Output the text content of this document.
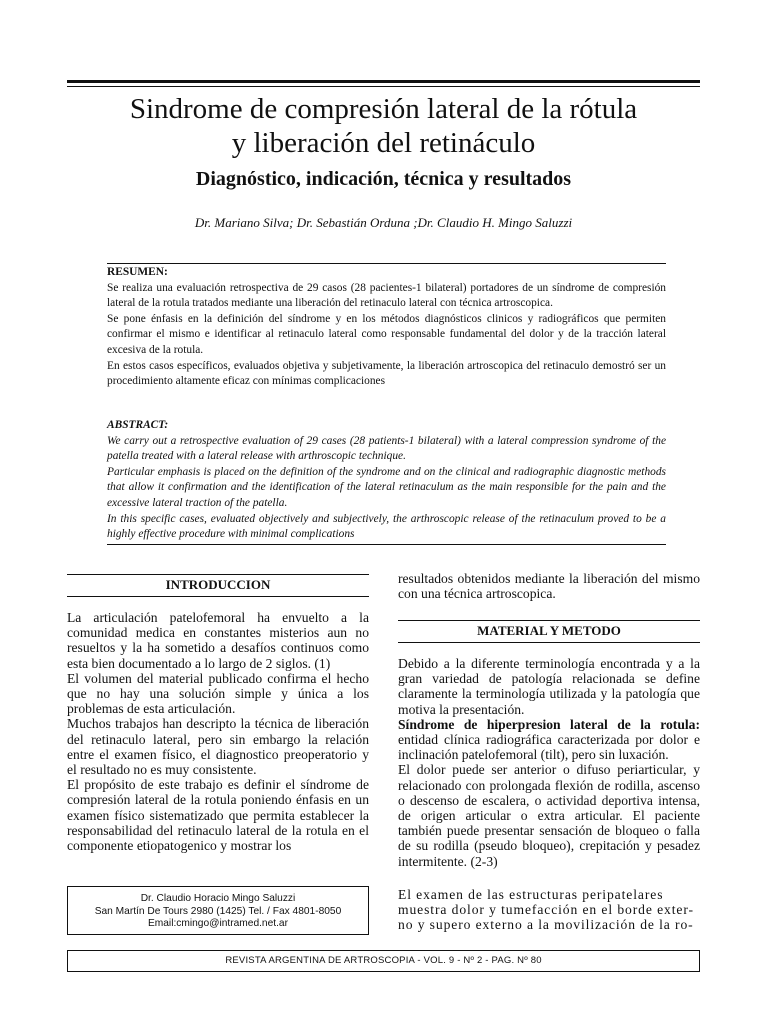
Sindrome de compresión lateral de la rótula
y liberación del retináculo
Diagnóstico, indicación, técnica y resultados
Dr. Mariano Silva; Dr. Sebastián Orduna ;Dr. Claudio H. Mingo Saluzzi

RESUMEN:

Se realiza una evaluación retrospectiva de 29 casos (28 pacientes-1 bilateral) portadores de un síndrome de compresión lateral de la rotula tratados mediante una liberación del retinaculo lateral con técnica artroscopica.

Se pone énfasis en la definición del síndrome y en los métodos diagnósticos clinicos y radiográficos que permiten confirmar el mismo e identificar al retinaculo lateral como responsable fundamental del dolor y de la tracción lateral excesiva de la rotula.

En estos casos específicos, evaluados objetiva y subjetivamente, la liberación artroscopica del retinaculo demostró ser un procedimiento altamente eficaz con mínimas complicaciones

ABSTRACT:

We carry out a retrospective evaluation of 29 cases (28 patients-1 bilateral) with a lateral compression syndrome of the patella treated with a lateral release with arthroscopic technique.

Particular emphasis is placed on the definition of the syndrome and on the clinical and radiographic diagnostic methods that allow it confirmation and the identification of the lateral retinaculum as the main responsible for the pain and the excessive lateral traction of the patella.

In this specific cases, evaluated objectively and subjectively, the arthroscopic release of the retinaculum proved to be a highly effective procedure with minimal complications

INTRODUCCION

La articulación patelofemoral ha envuelto a la comunidad medica en constantes misterios aun no resueltos y la ha sometido a desafíos continuos como esta bien documentado a lo largo de 2 siglos. (1)

El volumen del material publicado confirma el hecho que no hay una solución simple y única a los problemas de esta articulación.

Muchos trabajos han descripto la técnica de liberación del retinaculo lateral, pero sin embargo la relación entre el examen físico, el diagnostico preoperatorio y el resultado no es muy consistente.

El propósito de este trabajo es definir el síndrome de compresión lateral de la rotula poniendo énfasis en un examen físico sistematizado que permita establecer la responsabilidad del retinaculo lateral de la rotula en el componente etiopatogenico y mostrar los

Dr. Claudio Horacio Mingo Saluzzi
San Martín De Tours 2980 (1425) Tel. / Fax 4801-8050
Email:cmingo@intramed.net.ar

resultados obtenidos mediante la liberación del mismo con una técnica artroscopica.

MATERIAL Y METODO

Debido a la diferente terminología encontrada y a la gran variedad de patología relacionada se define claramente la terminología utilizada y la patología que motiva la presentación.

Síndrome de hiperpresion lateral de la rotula: entidad clínica radiográfica caracterizada por dolor e inclinación patelofemoral (tilt), pero sin luxación.

El dolor puede ser anterior o difuso periarticular, y relacionado con prolongada flexión de rodilla, ascenso o descenso de escalera, o actividad deportiva intensa, de origen articular o extra articular. El paciente también puede presentar sensación de bloqueo o falla de su rodilla (pseudo bloqueo), crepitación y pesadez intermitente. (2-3)

El examen de las estructuras peripatelares
muestra dolor y tumefacción en el borde exter-
no y supero externo a la movilización de la ro-
REVISTA ARGENTINA DE ARTROSCOPIA - VOL. 9 - Nº 2 - PAG. Nº 80
